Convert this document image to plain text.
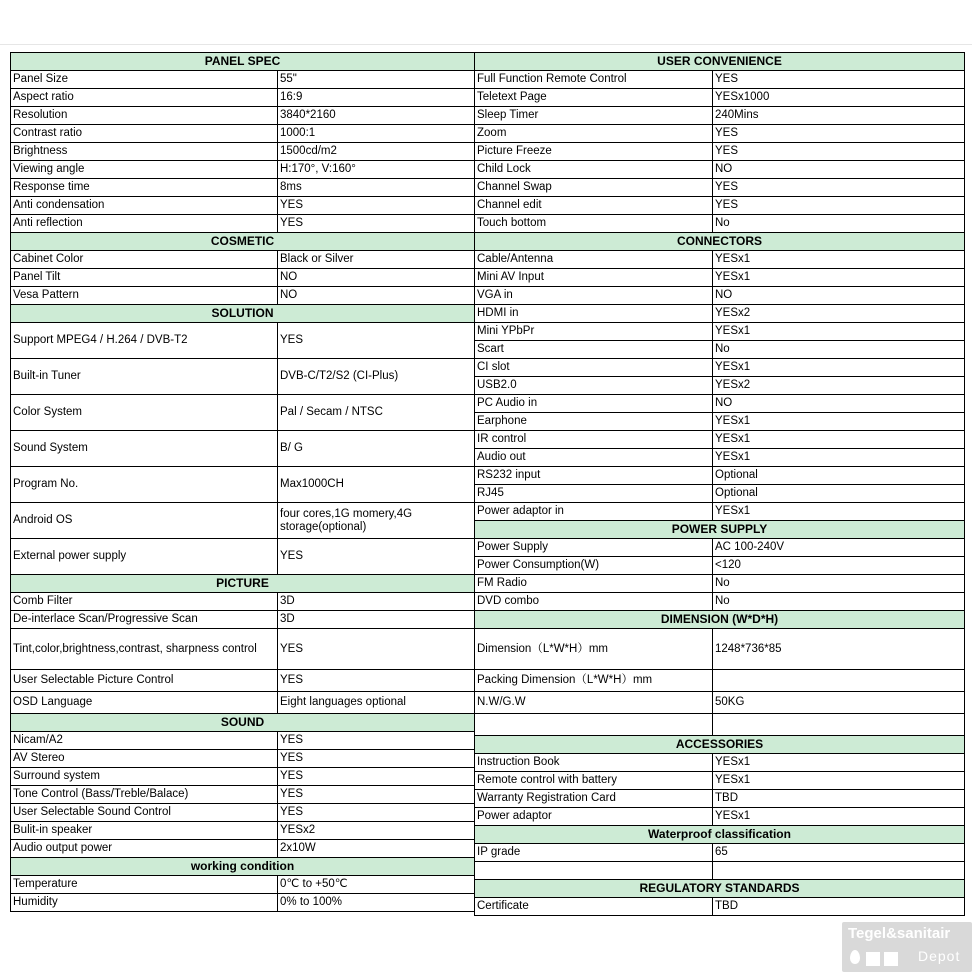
PANEL SPEC	
Panel Size	55"
Aspect ratio	16:9
Resolution	3840*2160
Contrast ratio	1000:1
Brightness	1500cd/m2
Viewing angle	H:170°, V:160°
Response time	8ms
Anti condensation	YES
Anti reflection	YES
COSMETIC	
Cabinet Color	Black or Silver
Panel Tilt	NO
Vesa Pattern	NO
SOLUTION	
Support MPEG4 / H.264 / DVB-T2	YES
Built-in Tuner	DVB-C/T2/S2 (CI-Plus)
Color System	Pal / Secam / NTSC
Sound System	B/ G
Program No.	Max1000CH
Android OS	four cores,1G momery,4G storage(optional)
External power supply	YES
PICTURE	
Comb Filter	3D
De-interlace Scan/Progressive Scan	3D
Tint,color,brightness,contrast, sharpness control	YES
User Selectable Picture Control	YES
OSD Language	Eight languages optional
SOUND	
Nicam/A2	YES
AV Stereo	YES
Surround system	YES
Tone Control (Bass/Treble/Balace)	YES
User Selectable Sound Control	YES
Bulit-in speaker	YESx2
Audio output power	2x10W
working condition	
Temperature	0℃ to +50℃
Humidity	0% to 100%
USER CONVENIENCE	
Full Function Remote Control	YES
Teletext Page	YESx1000
Sleep Timer	240Mins
Zoom	YES
Picture Freeze	YES
Child Lock	NO
Channel Swap	YES
Channel edit	YES
Touch bottom	No
CONNECTORS	
Cable/Antenna	YESx1
Mini AV Input	YESx1
VGA in	NO
HDMI in	YESx2
Mini YPbPr	YESx1
Scart	No
CI slot	YESx1
USB2.0	YESx2
PC Audio in	NO
Earphone	YESx1
IR control	YESx1
Audio out	YESx1
RS232 input	Optional
RJ45	Optional
Power adaptor in	YESx1
POWER SUPPLY	
Power Supply	AC 100-240V
Power Consumption(W)	<120
FM Radio	No
DVD combo	No
DIMENSION (W*D*H)	
Dimension（L*W*H）mm	1248*736*85
Packing Dimension（L*W*H）mm	
N.W/G.W	50KG

ACCESSORIES	
Instruction Book	YESx1
Remote control with battery	YESx1
Warranty Registration Card	TBD
Power adaptor	YESx1
Waterproof classification	
IP grade	65

REGULATORY STANDARDS	
Certificate	TBD
Tegel&sanitair
Depot
